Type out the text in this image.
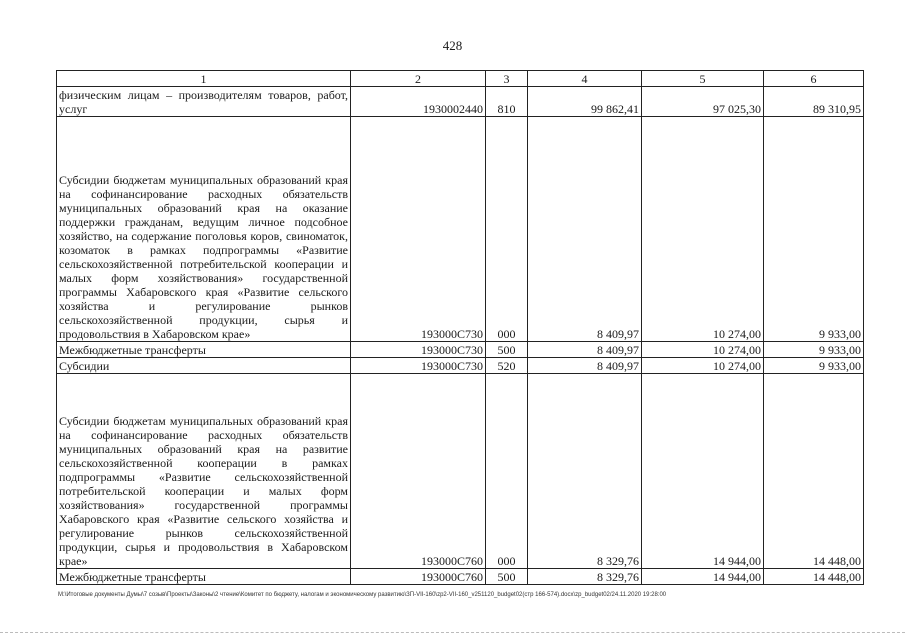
428
1	2	3	4	5	6
физическим лицам – производителям товаров, работ, услуг	1930002440	810	99 862,41	97 025,30	89 310,95
Субсидии бюджетам муниципальных образований края на софинансирование расходных обязательств муниципальных образований края на оказание поддержки гражданам, ведущим личное подсобное хозяйство, на содержание поголовья коров, свиноматок, козоматок в рамках подпрограммы «Развитие сельскохозяйственной потребительской кооперации и малых форм хозяйствования» государственной программы Хабаровского края «Развитие сельского хозяйства и регулирование рынков сельскохозяйственной продукции, сырья и продовольствия в Хабаровском крае»	193000С730	000	8 409,97	10 274,00	9 933,00
Межбюджетные трансферты	193000С730	500	8 409,97	10 274,00	9 933,00
Субсидии	193000С730	520	8 409,97	10 274,00	9 933,00
Субсидии бюджетам муниципальных образований края на софинансирование расходных обязательств муниципальных образований края на развитие сельскохозяйственной кооперации в рамках подпрограммы «Развитие сельскохозяйственной потребительской кооперации и малых форм хозяйствования» государственной программы Хабаровского края «Развитие сельского хозяйства и регулирование рынков сельскохозяйственной продукции, сырья и продовольствия в Хабаровском крае»	193000С760	000	8 329,76	14 944,00	14 448,00
Межбюджетные трансферты	193000С760	500	8 329,76	14 944,00	14 448,00
M:\Итоговые документы Думы\7 созыв\Проекты\Законы\2 чтение\Комитет по бюджету, налогам и экономическому развитию\ЗП-VII-160\zp2-VII-160_v251120_budget02(стр 166-574).docx\zp_budget02/24.11.2020 19:28:00
